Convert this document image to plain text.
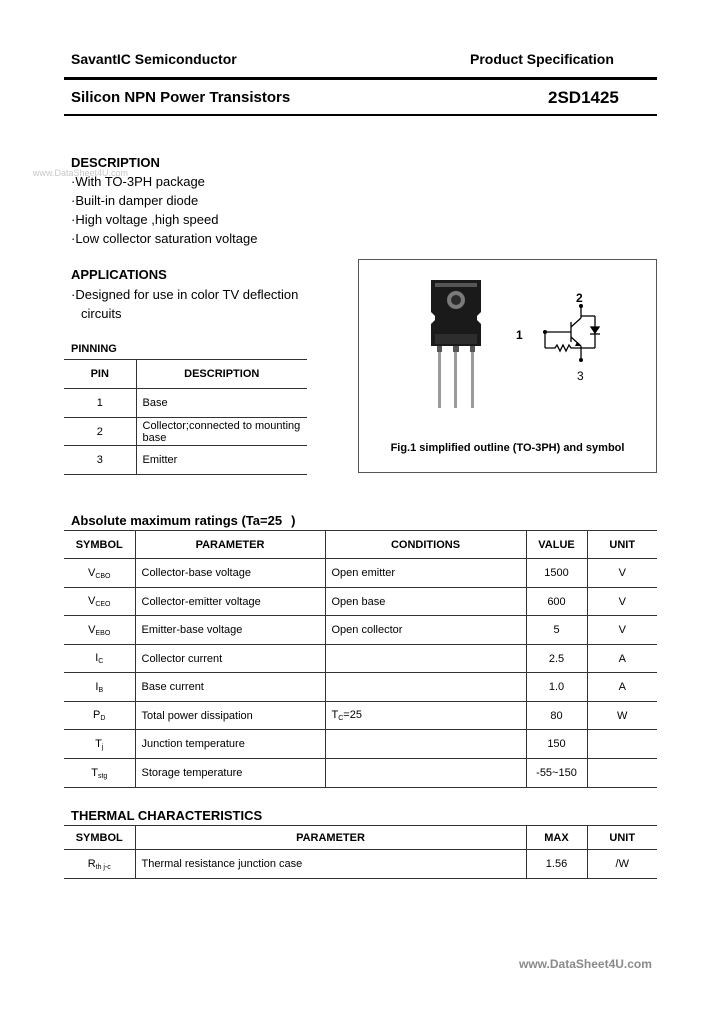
SavantIC Semiconductor	Product Specification
Silicon NPN Power Transistors	2SD1425
DESCRIPTION
www.DataSheet4U.com
·With TO-3PH package
·Built-in damper diode
·High voltage ,high speed
·Low collector saturation voltage
APPLICATIONS
·Designed for use in color TV deflection
circuits
PINNING
PIN	DESCRIPTION
1	Base
2	Collector;connected to mounting base
3	Emitter
1
2
3
Fig.1 simplified outline (TO-3PH) and symbol
Absolute maximum ratings (Ta=25 )
SYMBOL	PARAMETER	CONDITIONS	VALUE	UNIT
$V_{CBO}$	Collector-base voltage	Open emitter	1500	V
$V_{CEO}$	Collector-emitter voltage	Open base	600	V
$V_{EBO}$	Emitter-base voltage	Open collector	5	V
$I_C$	Collector current		2.5	A
$I_B$	Base current		1.0	A
$P_D$	Total power dissipation	$T_C=25$	80	W
$T_j$	Junction temperature		150	
$T_{stg}$	Storage temperature		-55~150	
THERMAL CHARACTERISTICS
SYMBOL	PARAMETER	MAX	UNIT
$R_{th j-c}$	Thermal resistance junction case	1.56	/W
www.DataSheet4U.com
